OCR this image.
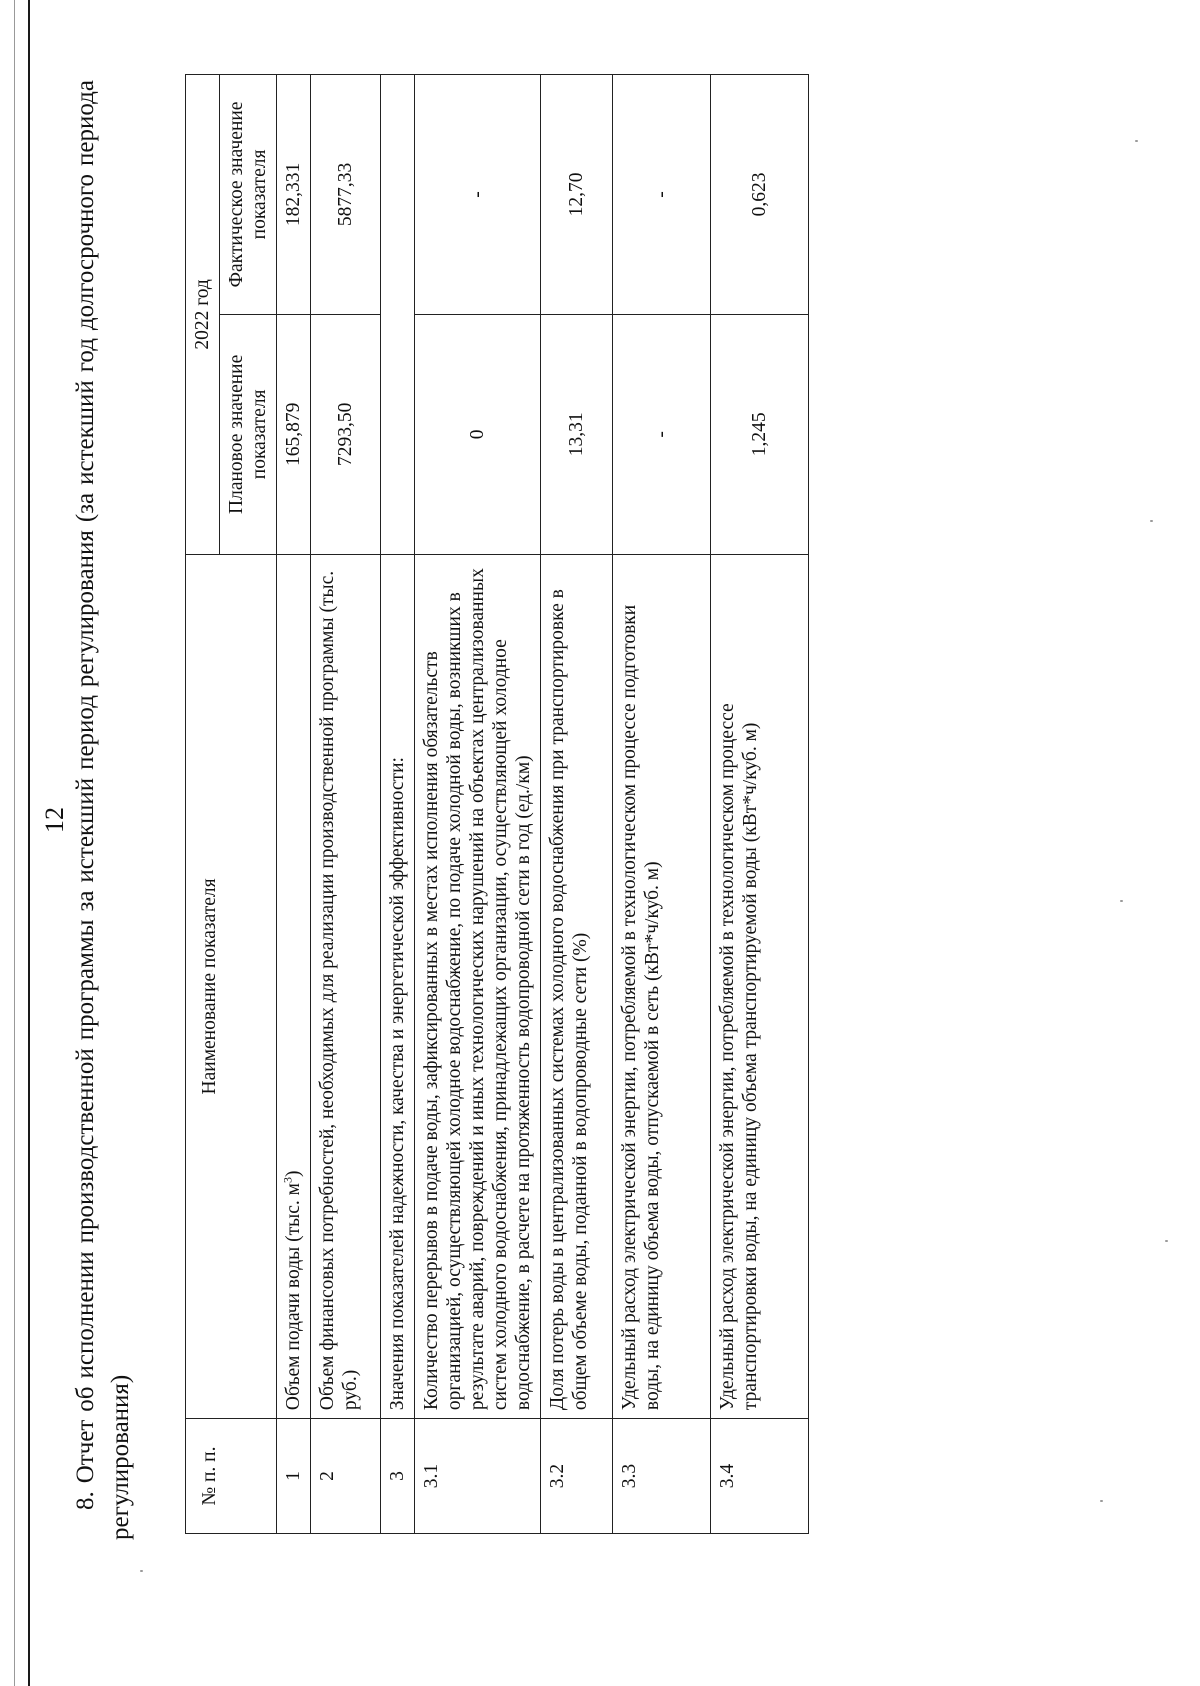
12 8. Отчет об исполнении производственной программы за истекший период регулирования (за истекший год долгосрочного периода регулирования)	№ п. п.	Наименование показателя	2022 год	
		Плановое значение показателя	Фактическое значение показателя
1	Объем подачи воды (тыс. $м^3$)	165,879	182,331
2	Объем финансовых потребностей, необходимых для реализации производственной программы (тыс. руб.)	7293,50	5877,33
3	Значения показателей надежности, качества и энергетической эффективности:		
3.1	Количество перерывов в подаче воды, зафиксированных в местах исполнения обязательств организацией, осуществляющей холодное водоснабжение, по подаче холодной воды, возникших в результате аварий, повреждений и иных технологических нарушений на объектах централизованных систем холодного водоснабжения, принадлежащих организации, осуществляющей холодное водоснабжение, в расчете на протяженность водопроводной сети в год (ед./км)	0	-
3.2	Доля потерь воды в централизованных системах холодного водоснабжения при транспортировке в общем объеме воды, поданной в водопроводные сети (%)	13,31	12,70
3.3	Удельный расход электрической энергии, потребляемой в технологическом процессе подготовки воды, на единицу объема воды, отпускаемой в сеть (кВт*ч/куб. м)	-	-
3.4	Удельный расход электрической энергии, потребляемой в технологическом процессе транспортировки воды, на единицу объема транспортируемой воды (кВт*ч/куб. м)	1,245	0,623
